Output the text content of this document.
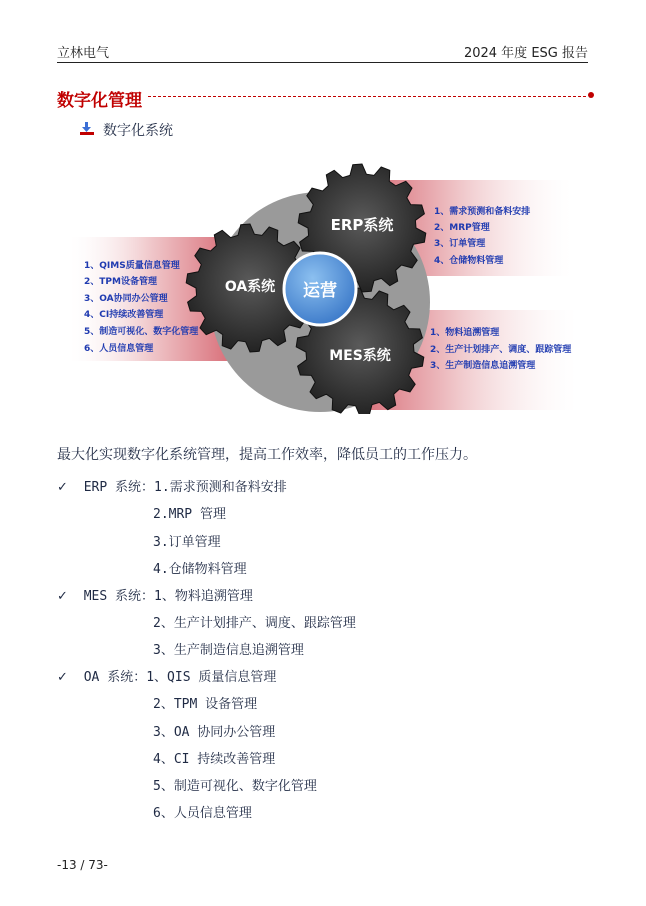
立林电气	2024 年度 ESG 报告
数字化管理
数字化系统
运营
ERP系统
OA系统
MES系统
1、需求预测和备料安排
2、MRP管理
3、订单管理
4、仓储物料管理
1、QIMS质量信息管理
2、TPM设备管理
3、OA协同办公管理
4、CI持续改善管理
5、制造可视化、数字化管理
6、人员信息管理
1、物料追溯管理
2、生产计划排产、调度、跟踪管理
3、生产制造信息追溯管理
最大化实现数字化系统管理，提高工作效率，降低员工的工作压力。
✓ ERP 系统：1.需求预测和备料安排
2.MRP 管理
3.订单管理
4.仓储物料管理
✓ MES 系统：1、物料追溯管理
2、生产计划排产、调度、跟踪管理
3、生产制造信息追溯管理
✓ OA 系统：1、QIS 质量信息管理
2、TPM 设备管理
3、OA 协同办公管理
4、CI 持续改善管理
5、制造可视化、数字化管理
6、人员信息管理
-13 / 73-
